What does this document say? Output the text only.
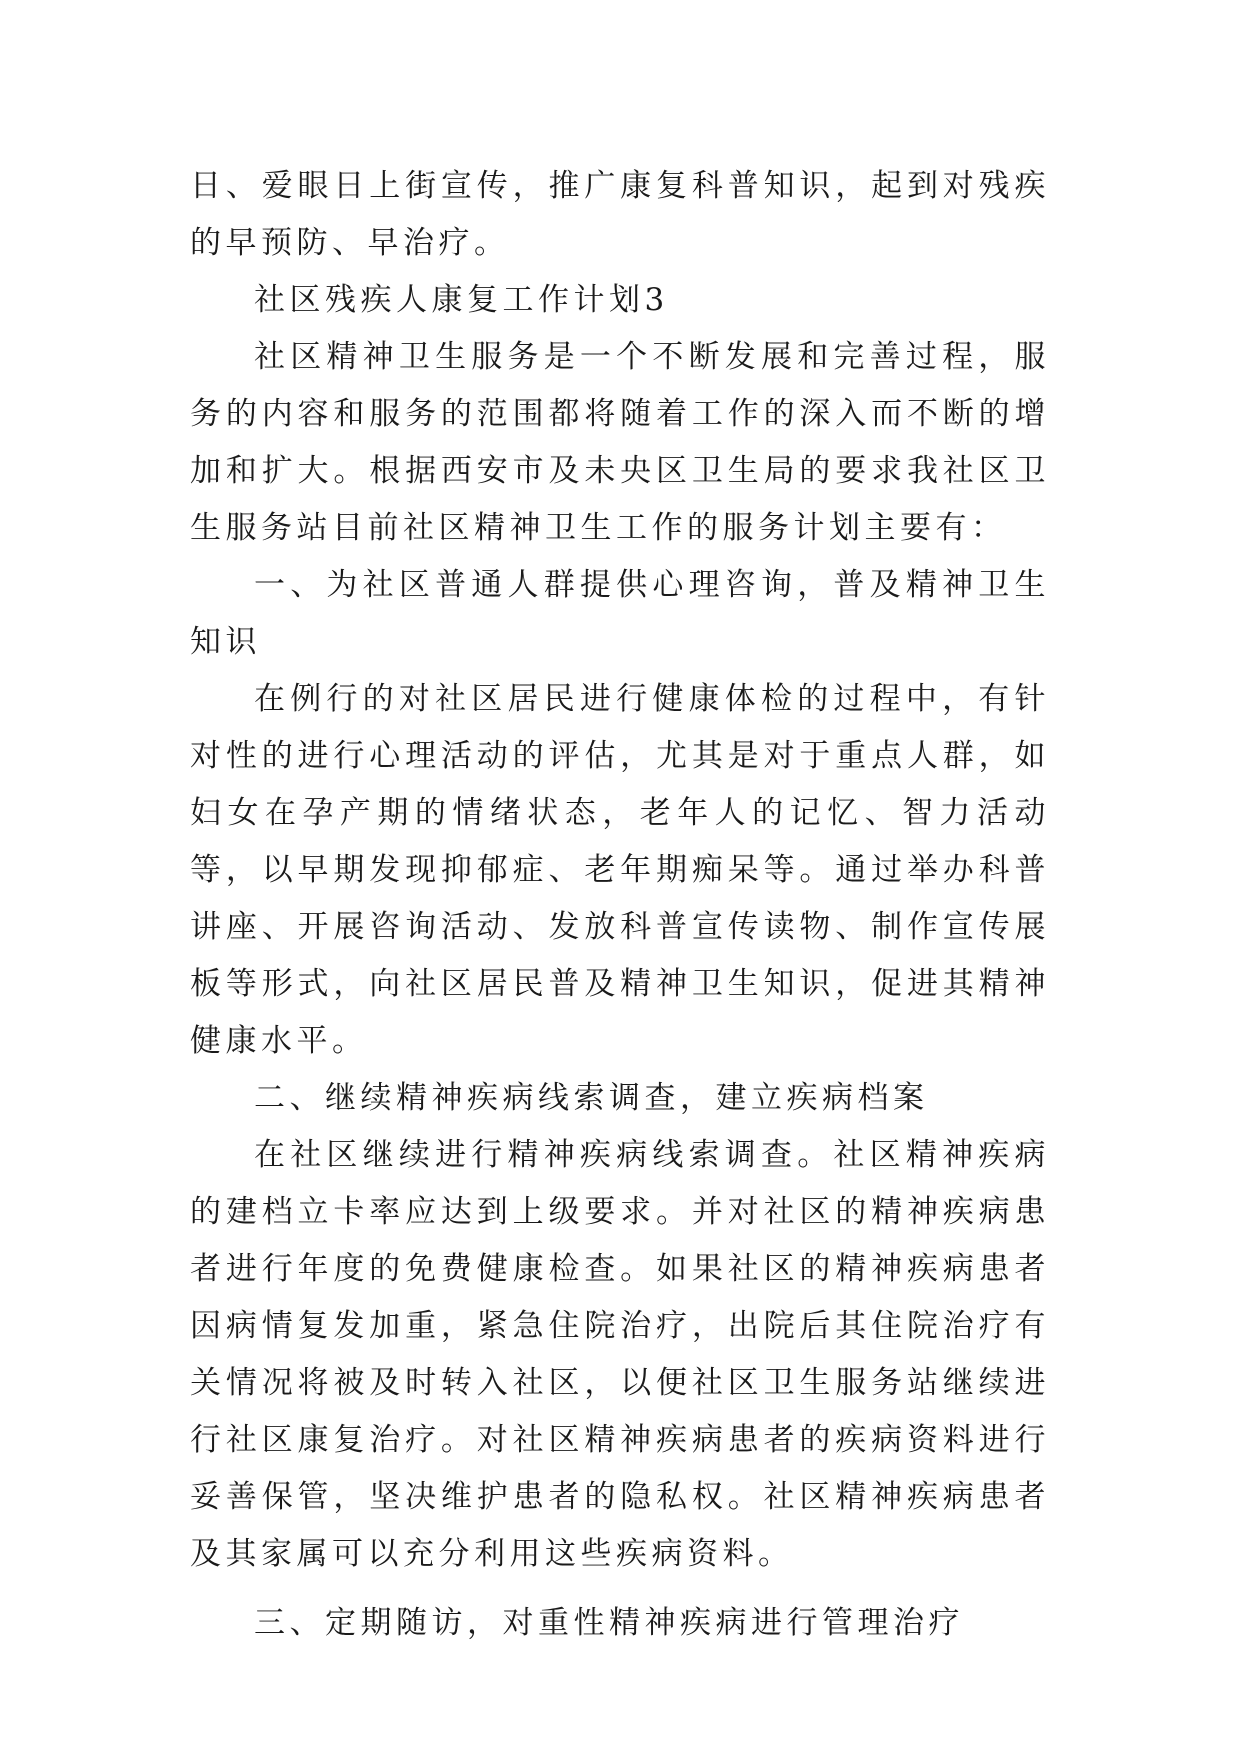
日、爱眼日上街宣传，推广康复科普知识，起到对残疾的早预防、早治疗。

社区残疾人康复工作计划3

社区精神卫生服务是一个不断发展和完善过程，服务的内容和服务的范围都将随着工作的深入而不断的增加和扩大。根据西安市及未央区卫生局的要求我社区卫生服务站目前社区精神卫生工作的服务计划主要有：

一、为社区普通人群提供心理咨询，普及精神卫生知识

在例行的对社区居民进行健康体检的过程中，有针对性的进行心理活动的评估，尤其是对于重点人群，如妇女在孕产期的情绪状态，老年人的记忆、智力活动等，以早期发现抑郁症、老年期痴呆等。通过举办科普讲座、开展咨询活动、发放科普宣传读物、制作宣传展板等形式，向社区居民普及精神卫生知识，促进其精神健康水平。

二、继续精神疾病线索调查，建立疾病档案

在社区继续进行精神疾病线索调查。社区精神疾病的建档立卡率应达到上级要求。并对社区的精神疾病患者进行年度的免费健康检查。如果社区的精神疾病患者因病情复发加重，紧急住院治疗，出院后其住院治疗有关情况将被及时转入社区，以便社区卫生服务站继续进行社区康复治疗。对社区精神疾病患者的疾病资料进行妥善保管，坚决维护患者的隐私权。社区精神疾病患者及其家属可以充分利用这些疾病资料。

三、定期随访，对重性精神疾病进行管理治疗
